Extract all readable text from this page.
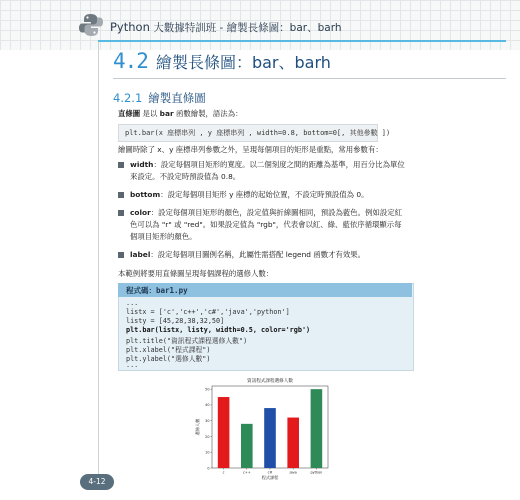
Python 大數據特訓班 - 繪製長條圖：bar、barh
4.2 繪製長條圖：bar、barh
4.2.1 繪製直條圖
直條圖 是以 bar 函數繪製，語法為：
plt.bar(x 座標串列 , y 座標串列 , width=0.8, bottom=0[, 其他參數 ])
繪圖時除了 x、y 座標串列參數之外，呈現每個項目的矩形是重點，常用參數有：
width：設定每個項目矩形的寬度。以二個刻度之間的距離為基準，用百分比為單位來設定。不設定時預設值為 0.8。
bottom：設定每個項目矩形 y 座標的起始位置，不設定時預設值為 0。
color：設定每個項目矩形的顏色，設定值與折線圖相同，預設為藍色。例如設定紅色可以為 "r" 或 "red"。如果設定值為 "rgb"，代表會以紅、綠、藍依序循環顯示每個項目矩形的顏色。
label：設定每個項目圖例名稱，此屬性需搭配 legend 函數才有效果。
本範例將要用直條圖呈現每個課程的選修人數：
程式碼：bar1.py
...
listx = ['c','c++','c#','java','python']
listy = [45,28,38,32,50]
plt.bar(listx, listy, width=0.5, color='rgb')
plt.title("資訊程式課程選修人數")
plt.xlabel("程式課程")
plt.ylabel("選修人數")
...
資訊程式課程選修人數
0
10
20
30
40
50
c	c++	c#	java	python
程式課程
選修人數
4-12
